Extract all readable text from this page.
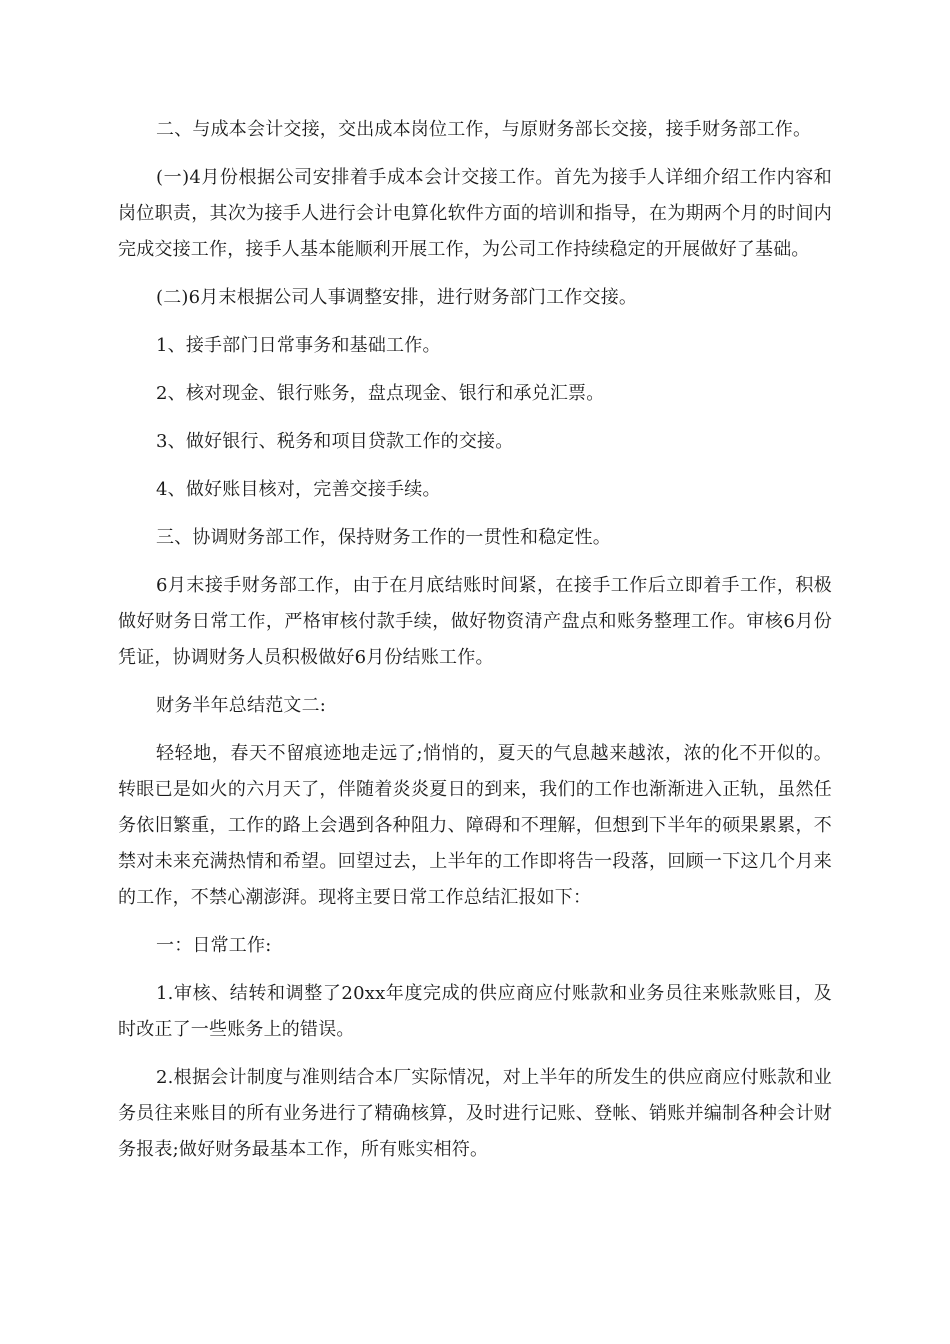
二、与成本会计交接，交出成本岗位工作，与原财务部长交接，接手财务部工作。

(一)4月份根据公司安排着手成本会计交接工作。首先为接手人详细介绍工作内容和岗位职责，其次为接手人进行会计电算化软件方面的培训和指导，在为期两个月的时间内完成交接工作，接手人基本能顺利开展工作，为公司工作持续稳定的开展做好了基础。

(二)6月末根据公司人事调整安排，进行财务部门工作交接。

1、接手部门日常事务和基础工作。

2、核对现金、银行账务，盘点现金、银行和承兑汇票。

3、做好银行、税务和项目贷款工作的交接。

4、做好账目核对，完善交接手续。

三、协调财务部工作，保持财务工作的一贯性和稳定性。

6月末接手财务部工作，由于在月底结账时间紧，在接手工作后立即着手工作，积极做好财务日常工作，严格审核付款手续，做好物资清产盘点和账务整理工作。审核6月份凭证，协调财务人员积极做好6月份结账工作。

财务半年总结范文二:

轻轻地，春天不留痕迹地走远了;悄悄的，夏天的气息越来越浓，浓的化不开似的。转眼已是如火的六月天了，伴随着炎炎夏日的到来，我们的工作也渐渐进入正轨，虽然任务依旧繁重，工作的路上会遇到各种阻力、障碍和不理解，但想到下半年的硕果累累，不禁对未来充满热情和希望。回望过去，上半年的工作即将告一段落，回顾一下这几个月来的工作，不禁心潮澎湃。现将主要日常工作总结汇报如下：

一：日常工作:

1.审核、结转和调整了20xx年度完成的供应商应付账款和业务员往来账款账目，及时改正了一些账务上的错误。

2.根据会计制度与准则结合本厂实际情况，对上半年的所发生的供应商应付账款和业务员往来账目的所有业务进行了精确核算，及时进行记账、登帐、销账并编制各种会计财务报表;做好财务最基本工作，所有账实相符。
